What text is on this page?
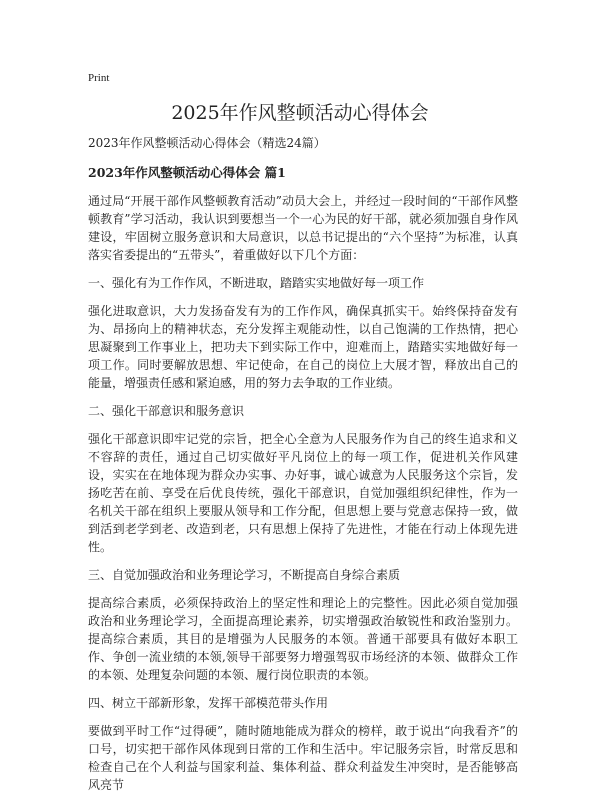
Print
2025年作风整顿活动心得体会
2023年作风整顿活动心得体会（精选24篇）
2023年作风整顿活动心得体会 篇1

通过局“开展干部作风整顿教育活动”动员大会上，并经过一段时间的“干部作风整顿教育”学习活动，我认识到要想当一个一心为民的好干部，就必须加强自身作风建设，牢固树立服务意识和大局意识，以总书记提出的“六个坚持”为标准，认真落实省委提出的“五带头”，着重做好以下几个方面：

一、强化有为工作作风，不断进取，踏踏实实地做好每一项工作

强化进取意识，大力发扬奋发有为的工作作风，确保真抓实干。始终保持奋发有为、昂扬向上的精神状态，充分发挥主观能动性，以自己饱满的工作热情，把心思凝聚到工作事业上，把功夫下到实际工作中，迎难而上，踏踏实实地做好每一项工作。同时要解放思想、牢记使命，在自己的岗位上大展才智，释放出自己的能量，增强责任感和紧迫感，用的努力去争取的工作业绩。

二、强化干部意识和服务意识

强化干部意识即牢记党的宗旨，把全心全意为人民服务作为自己的终生追求和义不容辞的责任，通过自己切实做好平凡岗位上的每一项工作，促进机关作风建设，实实在在地体现为群众办实事、办好事，诚心诚意为人民服务这个宗旨，发扬吃苦在前、享受在后优良传统，强化干部意识，自觉加强组织纪律性，作为一名机关干部在组织上要服从领导和工作分配，但思想上要与党意志保持一致，做到活到老学到老、改造到老，只有思想上保持了先进性，才能在行动上体现先进性。

三、自觉加强政治和业务理论学习，不断提高自身综合素质

提高综合素质，必须保持政治上的坚定性和理论上的完整性。因此必须自觉加强政治和业务理论学习，全面提高理论素养，切实增强政治敏锐性和政治鉴别力。提高综合素质，其目的是增强为人民服务的本领。普通干部要具有做好本职工作、争创一流业绩的本领,领导干部要努力增强驾驭市场经济的本领、做群众工作的本领、处理复杂问题的本领、履行岗位职责的本领。

四、树立干部新形象，发挥干部模范带头作用

要做到平时工作“过得硬”，随时随地能成为群众的榜样，敢于说出“向我看齐”的口号，切实把干部作风体现到日常的工作和生活中。牢记服务宗旨，时常反思和检查自己在个人利益与国家利益、集体利益、群众利益发生冲突时，是否能够高风亮节
